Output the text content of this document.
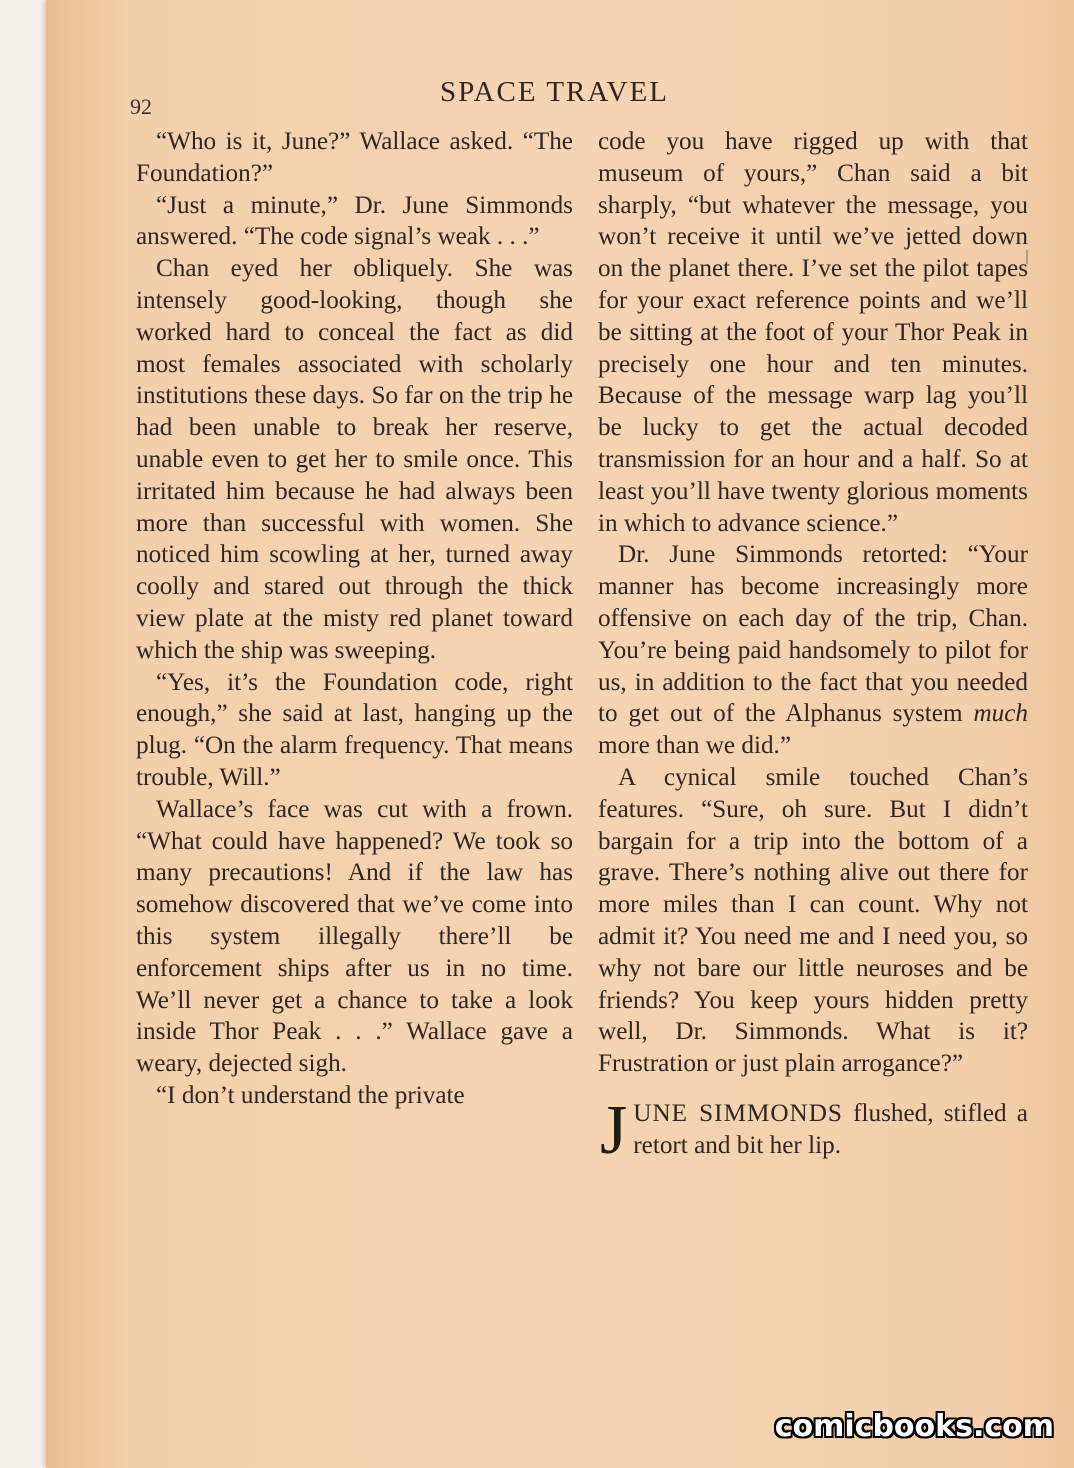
92	SPACE TRAVEL

“Who is it, June?” Wallace asked. “The Foundation?”

“Just a minute,” Dr. June Simmonds answered. “The code signal’s weak . . .”

Chan eyed her obliquely. She was intensely good-looking, though she worked hard to conceal the fact as did most females associated with scholarly institutions these days. So far on the trip he had been unable to break her reserve, unable even to get her to smile once. This irritated him because he had always been more than successful with women. She noticed him scowling at her, turned away coolly and stared out through the thick view plate at the misty red planet toward which the ship was sweeping.

“Yes, it’s the Foundation code, right enough,” she said at last, hanging up the plug. “On the alarm frequency. That means trouble, Will.”

Wallace’s face was cut with a frown. “What could have happened? We took so many precautions! And if the law has somehow discovered that we’ve come into this system illegally there’ll be enforcement ships after us in no time. We’ll never get a chance to take a look inside Thor Peak . . .” Wallace gave a weary, dejected sigh.

“I don’t understand the private

code you have rigged up with that museum of yours,” Chan said a bit sharply, “but whatever the message, you won’t receive it until we’ve jetted down on the planet there. I’ve set the pilot tapes for your exact reference points and we’ll be sitting at the foot of your Thor Peak in precisely one hour and ten minutes. Because of the message warp lag you’ll be lucky to get the actual decoded transmission for an hour and a half. So at least you’ll have twenty glorious moments in which to advance science.”

Dr. June Simmonds retorted: “Your manner has become increasingly more offensive on each day of the trip, Chan. You’re being paid handsomely to pilot for us, in addition to the fact that you needed to get out of the Alphanus system much more than we did.”

A cynical smile touched Chan’s features. “Sure, oh sure. But I didn’t bargain for a trip into the bottom of a grave. There’s nothing alive out there for more miles than I can count. Why not admit it? You need me and I need you, so why not bare our little neuroses and be friends? You keep yours hidden pretty well, Dr. Simmonds. What is it? Frustration or just plain arrogance?”

JUNE SIMMONDS flushed, stifled a retort and bit her lip.

comicbooks.com
